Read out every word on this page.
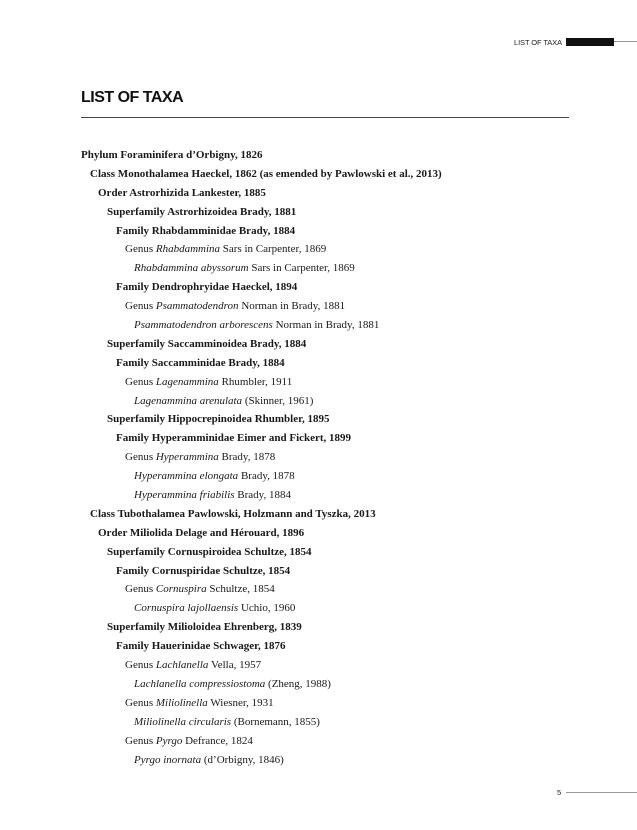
LIST OF TAXA
LIST OF TAXA
Phylum Foraminifera d’Orbigny, 1826
Class Monothalamea Haeckel, 1862 (as emended by Pawlowski et al., 2013)
Order Astrorhizida Lankester, 1885
Superfamily Astrorhizoidea Brady, 1881
Family Rhabdamminidae Brady, 1884
Genus Rhabdammina Sars in Carpenter, 1869
Rhabdammina abyssorum Sars in Carpenter, 1869
Family Dendrophryidae Haeckel, 1894
Genus Psammatodendron Norman in Brady, 1881
Psammatodendron arborescens Norman in Brady, 1881
Superfamily Saccamminoidea Brady, 1884
Family Saccamminidae Brady, 1884
Genus Lagenammina Rhumbler, 1911
Lagenammina arenulata (Skinner, 1961)
Superfamily Hippocrepinoidea Rhumbler, 1895
Family Hyperamminidae Eimer and Fickert, 1899
Genus Hyperammina Brady, 1878
Hyperammina elongata Brady, 1878
Hyperammina friabilis Brady, 1884
Class Tubothalamea Pawlowski, Holzmann and Tyszka, 2013
Order Miliolida Delage and Hérouard, 1896
Superfamily Cornuspiroidea Schultze, 1854
Family Cornuspiridae Schultze, 1854
Genus Cornuspira Schultze, 1854
Cornuspira lajollaensis Uchio, 1960
Superfamily Milioloidea Ehrenberg, 1839
Family Hauerinidae Schwager, 1876
Genus Lachlanella Vella, 1957
Lachlanella compressiostoma (Zheng, 1988)
Genus Miliolinella Wiesner, 1931
Miliolinella circularis (Bornemann, 1855)
Genus Pyrgo Defrance, 1824
Pyrgo inornata (d’Orbigny, 1846)
5
